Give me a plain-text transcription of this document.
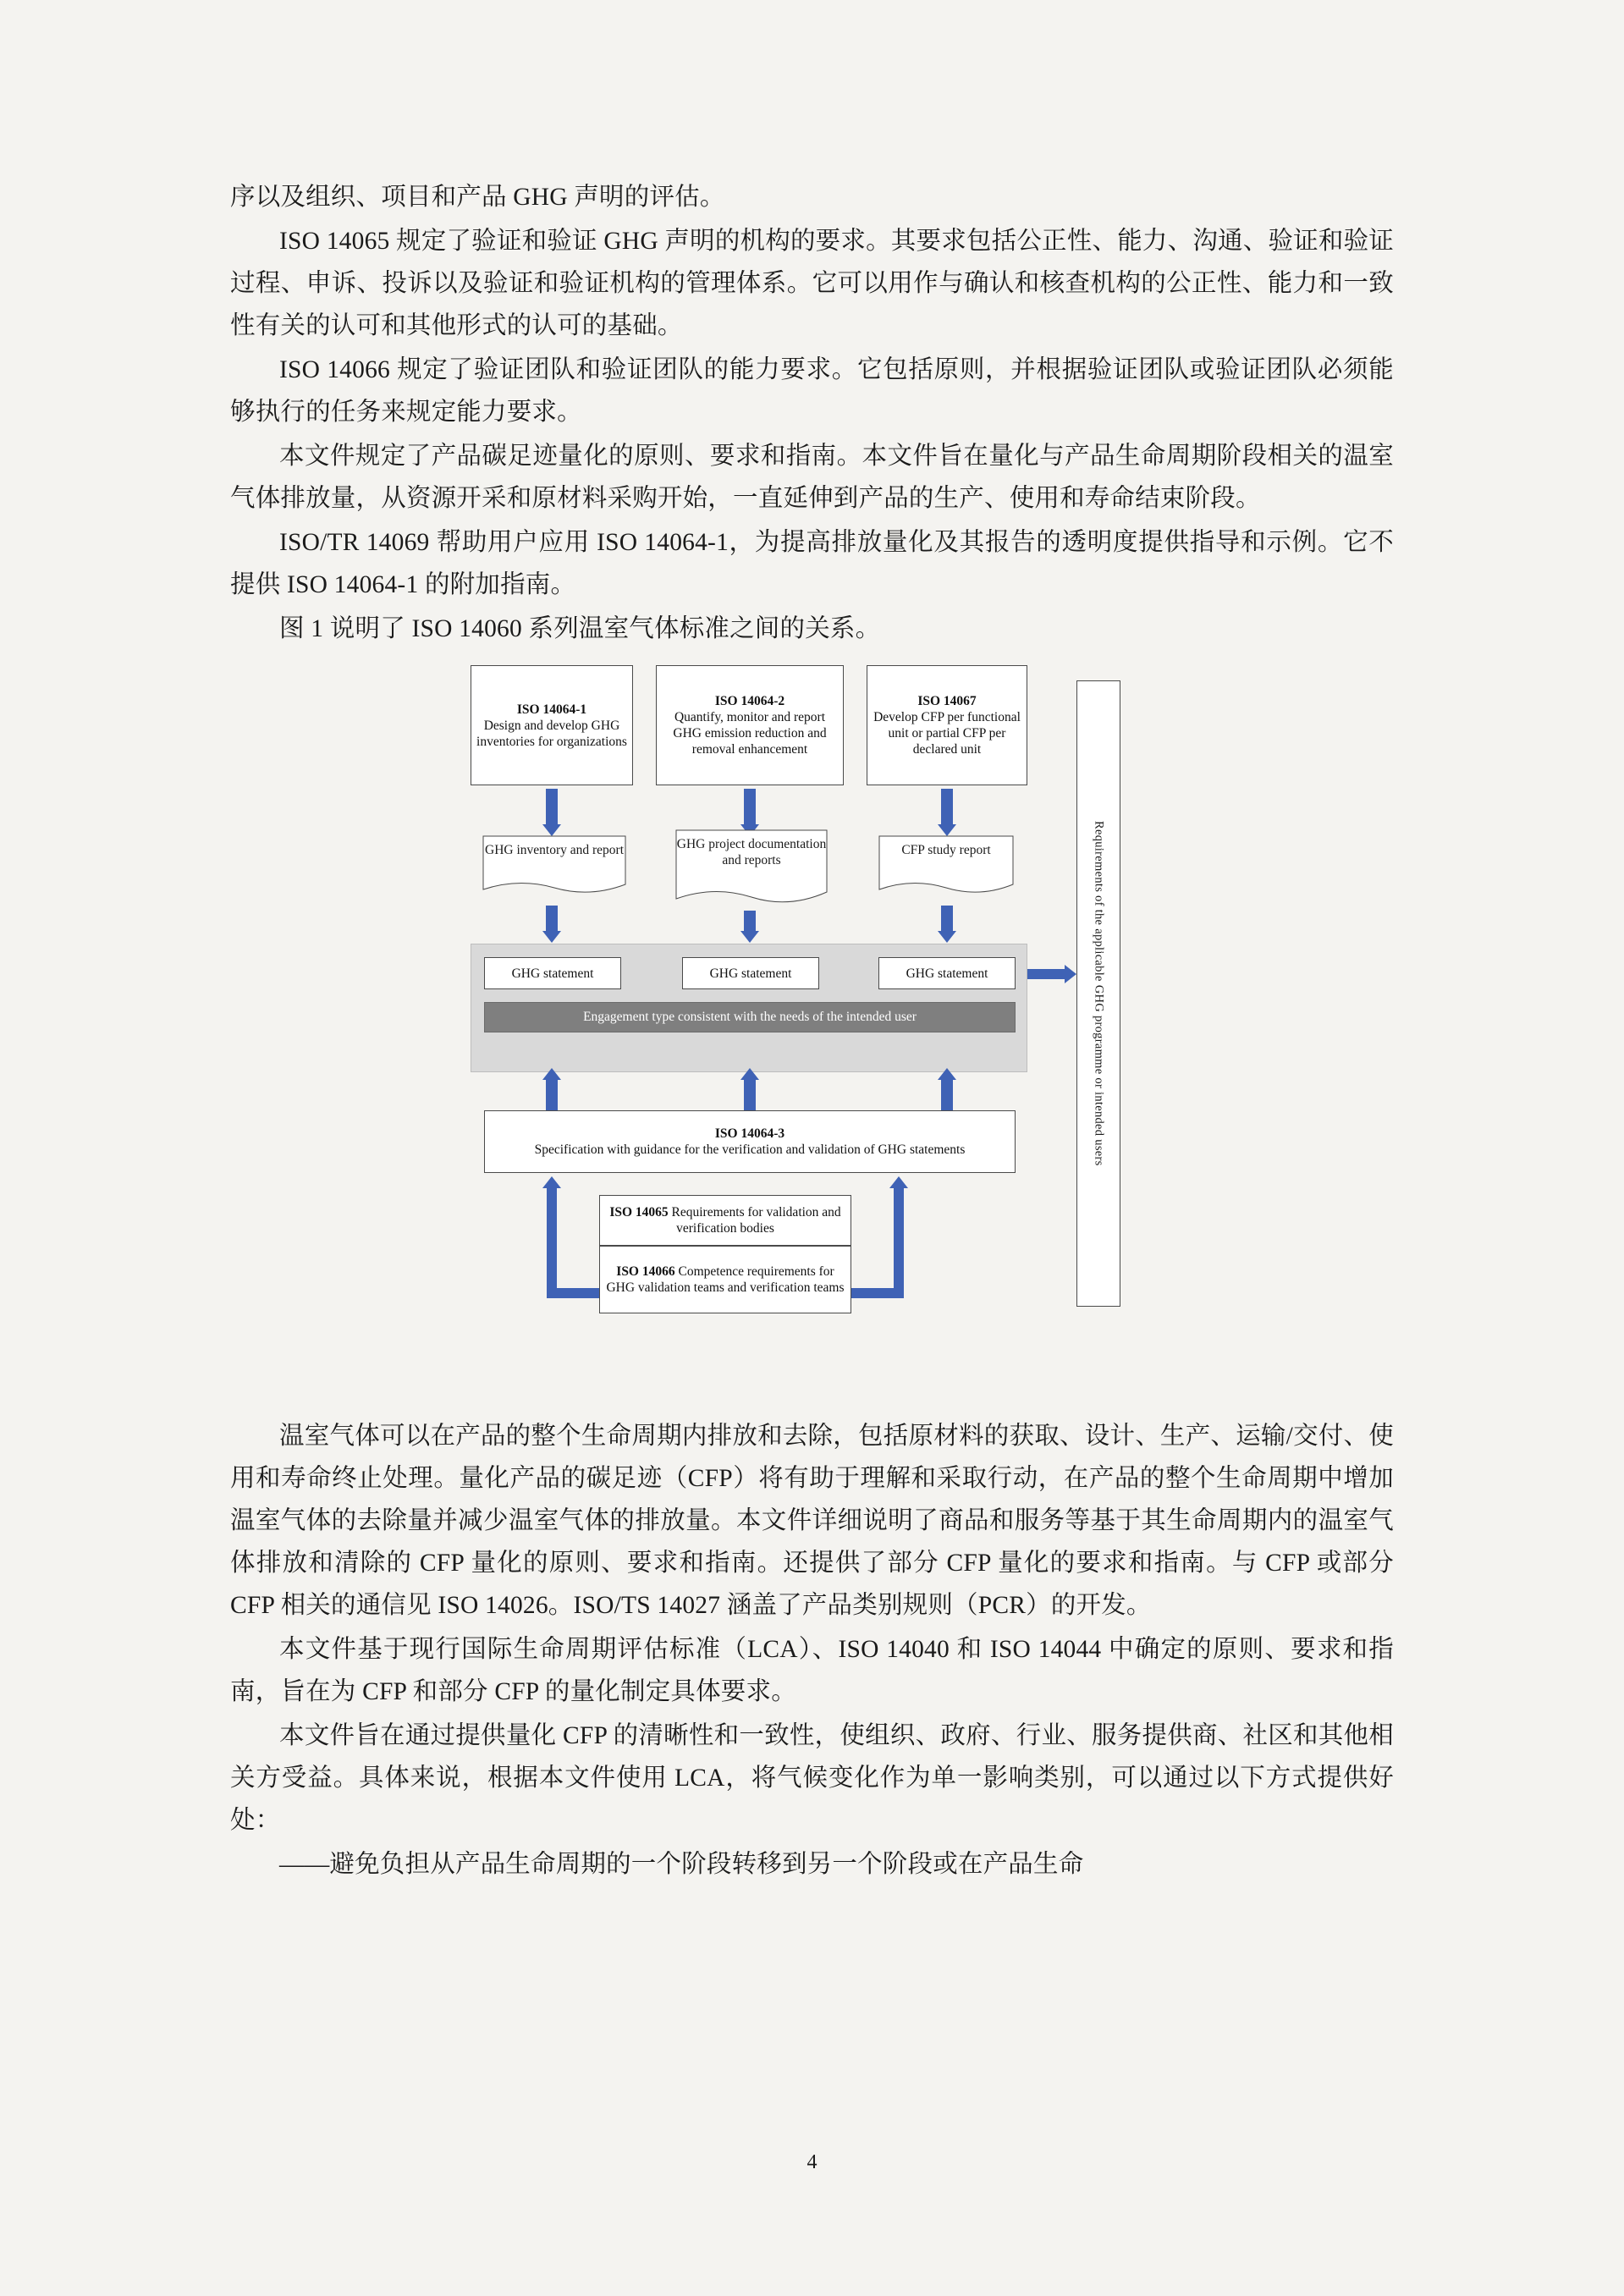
序以及组织、项目和产品 GHG 声明的评估。

ISO 14065 规定了验证和验证 GHG 声明的机构的要求。其要求包括公正性、能力、沟通、验证和验证过程、申诉、投诉以及验证和验证机构的管理体系。它可以用作与确认和核查机构的公正性、能力和一致性有关的认可和其他形式的认可的基础。

ISO 14066 规定了验证团队和验证团队的能力要求。它包括原则，并根据验证团队或验证团队必须能够执行的任务来规定能力要求。

本文件规定了产品碳足迹量化的原则、要求和指南。本文件旨在量化与产品生命周期阶段相关的温室气体排放量，从资源开采和原材料采购开始，一直延伸到产品的生产、使用和寿命结束阶段。

ISO/TR 14069 帮助用户应用 ISO 14064-1，为提高排放量化及其报告的透明度提供指导和示例。它不提供 ISO 14064-1 的附加指南。

图 1 说明了 ISO 14060 系列温室气体标准之间的关系。

ISO 14064-1
Design and develop GHG inventories for organizations
ISO 14064-2
Quantify, monitor and report GHG emission reduction and removal enhancement
ISO 14067
Develop CFP per functional unit or partial CFP per declared unit
GHG inventory and report	GHG project documentation and reports
CFP study report
GHG statement	GHG statement	GHG statement
Engagement type consistent with the needs of the intended user
ISO 14064-3
Specification with guidance for the verification and validation of GHG statements
ISO 14065 Requirements for validation and verification bodies
ISO 14066 Competence requirements for GHG validation teams and verification teams
Requirements of the applicable GHG programme or intended users

温室气体可以在产品的整个生命周期内排放和去除，包括原材料的获取、设计、生产、运输/交付、使用和寿命终止处理。量化产品的碳足迹（CFP）将有助于理解和采取行动，在产品的整个生命周期中增加温室气体的去除量并减少温室气体的排放量。本文件详细说明了商品和服务等基于其生命周期内的温室气体排放和清除的 CFP 量化的原则、要求和指南。还提供了部分 CFP 量化的要求和指南。与 CFP 或部分 CFP 相关的通信见 ISO 14026。ISO/TS 14027 涵盖了产品类别规则（PCR）的开发。

本文件基于现行国际生命周期评估标准（LCA）、ISO 14040 和 ISO 14044 中确定的原则、要求和指南，旨在为 CFP 和部分 CFP 的量化制定具体要求。

本文件旨在通过提供量化 CFP 的清晰性和一致性，使组织、政府、行业、服务提供商、社区和其他相关方受益。具体来说，根据本文件使用 LCA，将气候变化作为单一影响类别，可以通过以下方式提供好处：

——避免负担从产品生命周期的一个阶段转移到另一个阶段或在产品生命

4
